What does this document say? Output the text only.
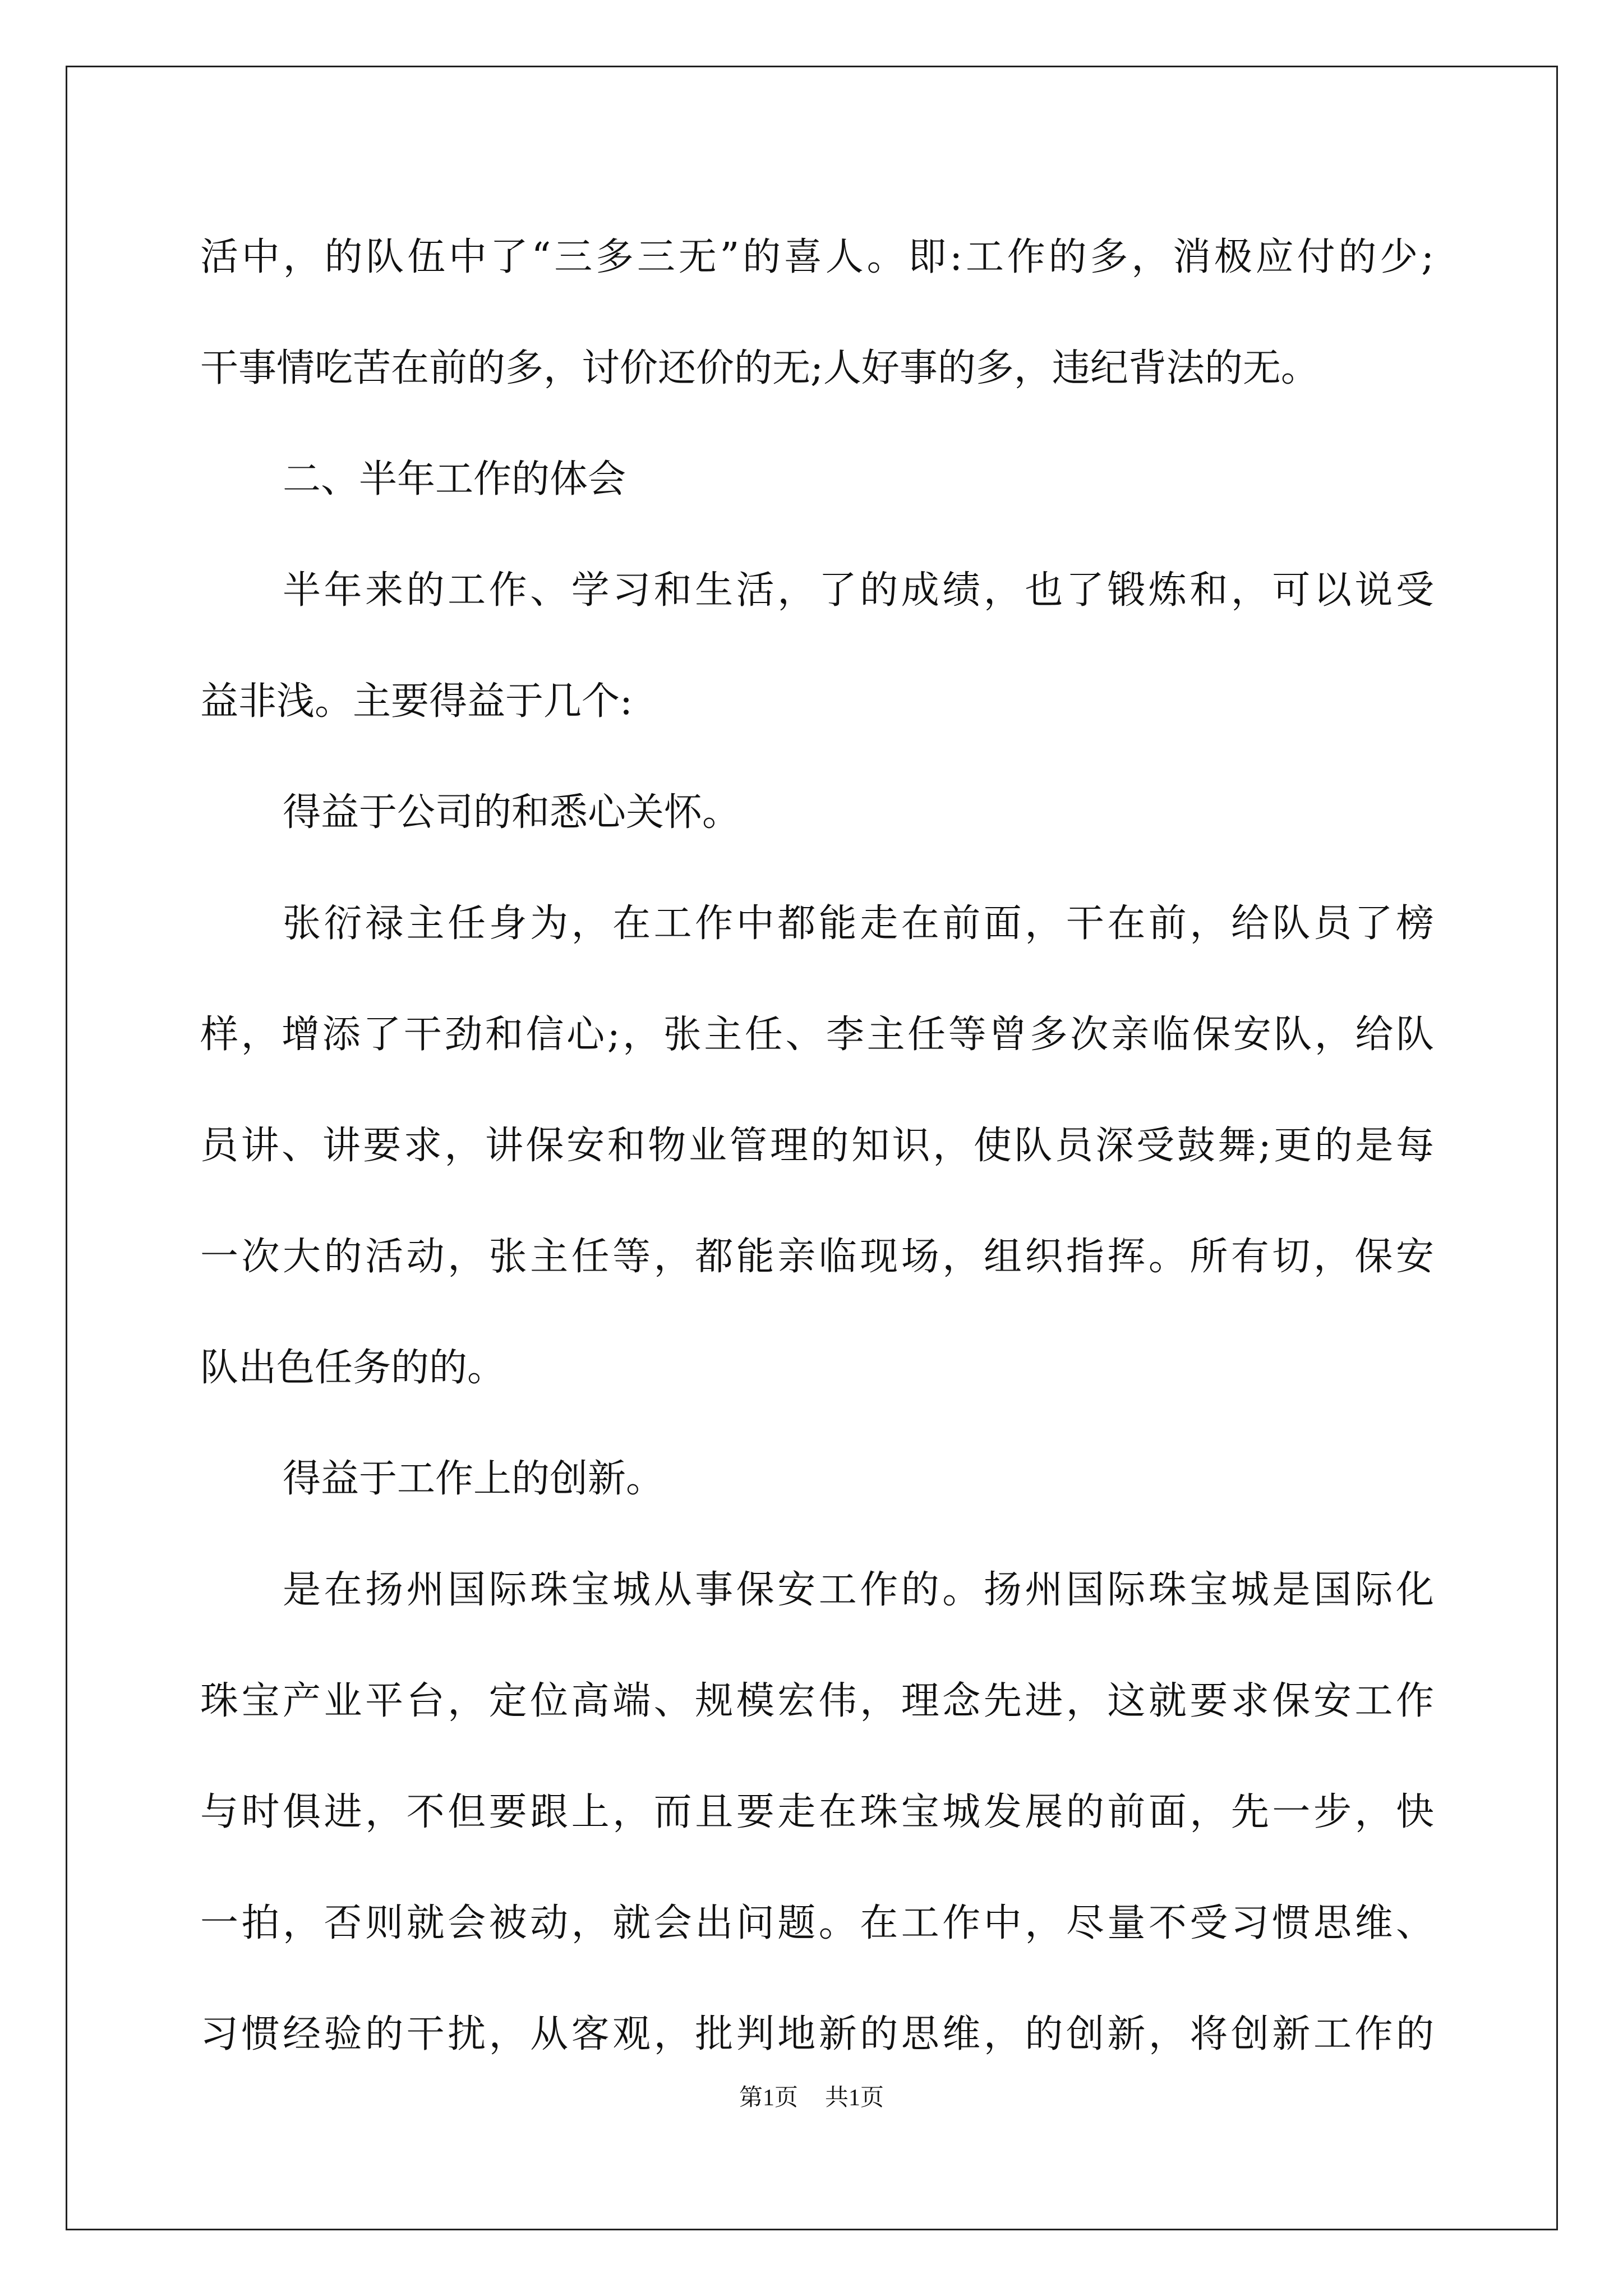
活中，的队伍中了“三多三无”的喜人。即:工作的多，消极应付的少;
干事情吃苦在前的多，讨价还价的无;人好事的多，违纪背法的无。
二、半年工作的体会
半年来的工作、学习和生活，了的成绩，也了锻炼和，可以说受
益非浅。主要得益于几个:
得益于公司的和悉心关怀。
张衍禄主任身为，在工作中都能走在前面，干在前，给队员了榜
样，增添了干劲和信心;，张主任、李主任等曾多次亲临保安队，给队
员讲、讲要求，讲保安和物业管理的知识，使队员深受鼓舞;更的是每
一次大的活动，张主任等，都能亲临现场，组织指挥。所有切，保安
队出色任务的的。
得益于工作上的创新。
是在扬州国际珠宝城从事保安工作的。扬州国际珠宝城是国际化
珠宝产业平台，定位高端、规模宏伟，理念先进，这就要求保安工作
与时俱进，不但要跟上，而且要走在珠宝城发展的前面，先一步，快
一拍，否则就会被动，就会出问题。在工作中，尽量不受习惯思维、
习惯经验的干扰，从客观，批判地新的思维，的创新，将创新工作的
第1页 共1页
